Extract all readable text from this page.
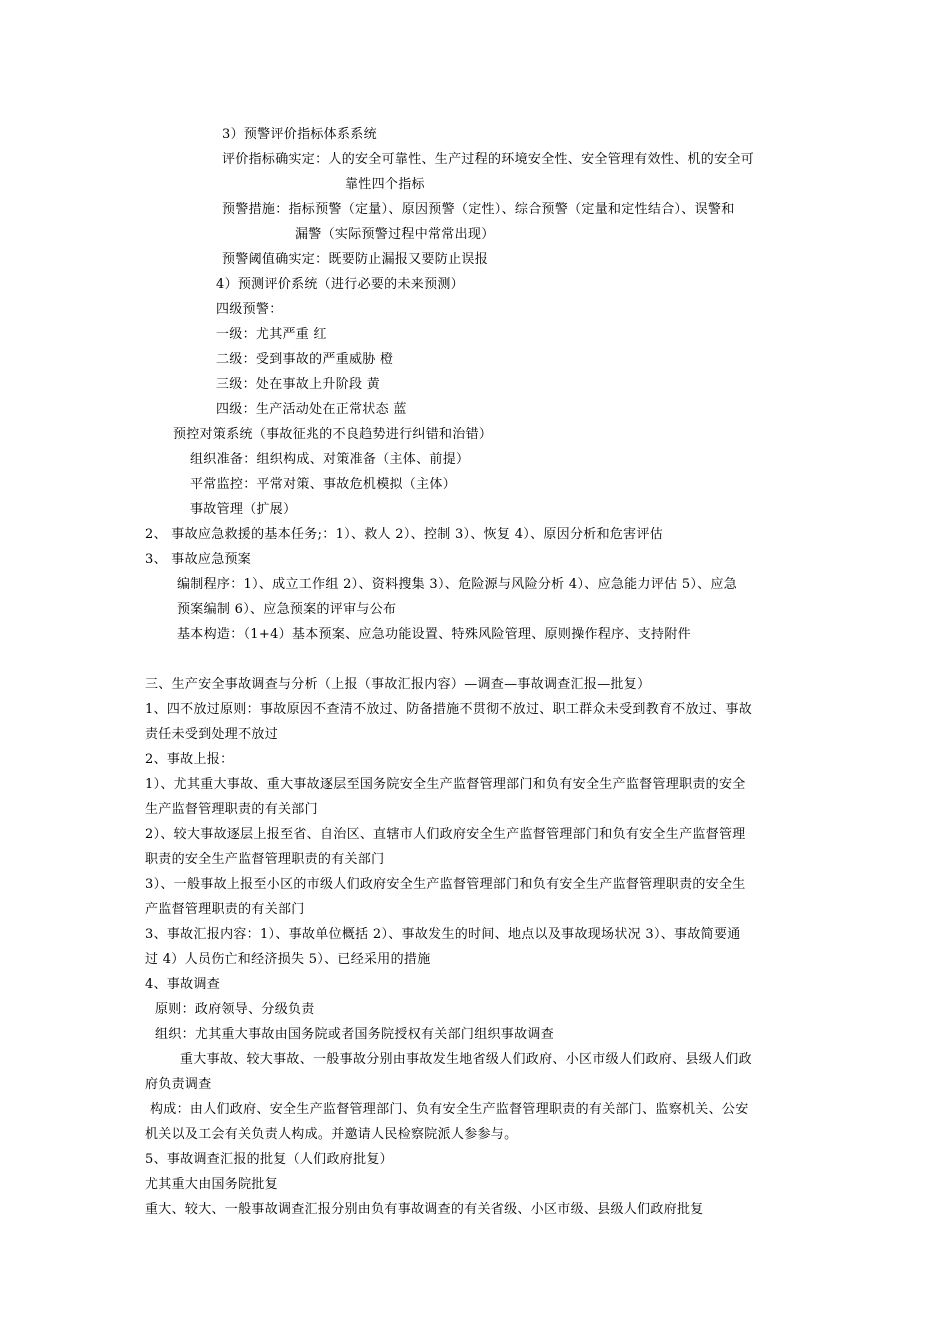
3）预警评价指标体系系统
评价指标确实定：人的安全可靠性、生产过程的环境安全性、安全管理有效性、机的安全可
靠性四个指标
预警措施：指标预警（定量）、原因预警（定性）、综合预警（定量和定性结合）、误警和
漏警（实际预警过程中常常出现）
预警阈值确实定：既要防止漏报又要防止误报
4）预测评价系统（进行必要的未来预测）
四级预警：
一级：尤其严重 红
二级：受到事故的严重威胁 橙
三级：处在事故上升阶段 黄
四级：生产活动处在正常状态 蓝
预控对策系统（事故征兆的不良趋势进行纠错和治错）
组织准备：组织构成、对策准备（主体、前提）
平常监控：平常对策、事故危机模拟（主体）
事故管理（扩展）
2、 事故应急救援的基本任务;：1）、救人 2）、控制 3）、恢复 4）、原因分析和危害评估
3、 事故应急预案
编制程序：1）、成立工作组 2）、资料搜集 3）、危险源与风险分析 4）、应急能力评估 5）、应急
预案编制 6）、应急预案的评审与公布
基本构造：（1+4）基本预案、应急功能设置、特殊风险管理、原则操作程序、支持附件
三、生产安全事故调查与分析（上报（事故汇报内容）—调查—事故调查汇报—批复）
1、四不放过原则：事故原因不查清不放过、防备措施不贯彻不放过、职工群众未受到教育不放过、事故
责任未受到处理不放过
2、事故上报：
1）、尤其重大事故、重大事故逐层至国务院安全生产监督管理部门和负有安全生产监督管理职责的安全
生产监督管理职责的有关部门
2）、较大事故逐层上报至省、自治区、直辖市人们政府安全生产监督管理部门和负有安全生产监督管理
职责的安全生产监督管理职责的有关部门
3）、一般事故上报至小区的市级人们政府安全生产监督管理部门和负有安全生产监督管理职责的安全生
产监督管理职责的有关部门
3、事故汇报内容：1）、事故单位概括 2）、事故发生的时间、地点以及事故现场状况 3）、事故简要通
过 4）人员伤亡和经济损失 5）、已经采用的措施
4、事故调查
原则：政府领导、分级负责
组织：尤其重大事故由国务院或者国务院授权有关部门组织事故调查
重大事故、较大事故、一般事故分别由事故发生地省级人们政府、小区市级人们政府、县级人们政
府负责调查
构成：由人们政府、安全生产监督管理部门、负有安全生产监督管理职责的有关部门、监察机关、公安
机关以及工会有关负责人构成。并邀请人民检察院派人参参与。
5、事故调查汇报的批复（人们政府批复）
尤其重大由国务院批复
重大、较大、一般事故调查汇报分别由负有事故调查的有关省级、小区市级、县级人们政府批复
